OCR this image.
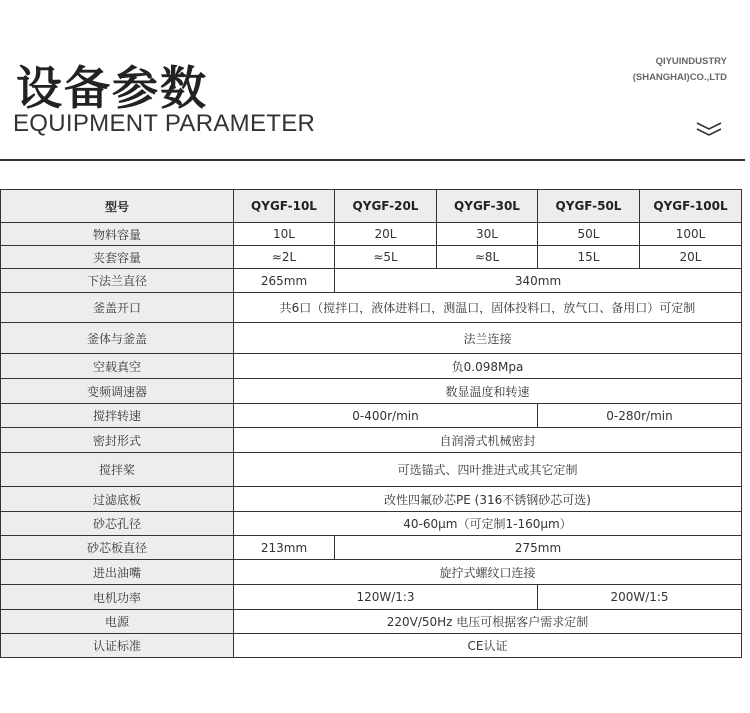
设备参数
EQUIPMENT PARAMETER
QIYUINDUSTRY
(SHANGHAI)CO.,LTD
型号	QYGF-10L	QYGF-20L	QYGF-30L	QYGF-50L	QYGF-100L
物料容量	10L	20L	30L	50L	100L
夹套容量	≈2L	≈5L	≈8L	15L	20L
下法兰直径	265mm	340mm			
釜盖开口	共6口（搅拌口，液体进料口，测温口，固体投料口，放气口、备用口）可定制				
釜体与釜盖	法兰连接				
空载真空	负0.098Mpa				
变频调速器	数显温度和转速				
搅拌转速	0-400r/min			0-280r/min	
密封形式	自润滑式机械密封				
搅拌桨	可选锚式、四叶推进式或其它定制				
过滤底板	改性四氟砂芯PE (316不锈钢砂芯可选)				
砂芯孔径	40-60μm（可定制1-160μm）				
砂芯板直径	213mm	275mm			
进出油嘴	旋拧式螺纹口连接				
电机功率	120W/1:3			200W/1:5	
电源	220V/50Hz 电压可根据客户需求定制				
认证标准	CE认证				
